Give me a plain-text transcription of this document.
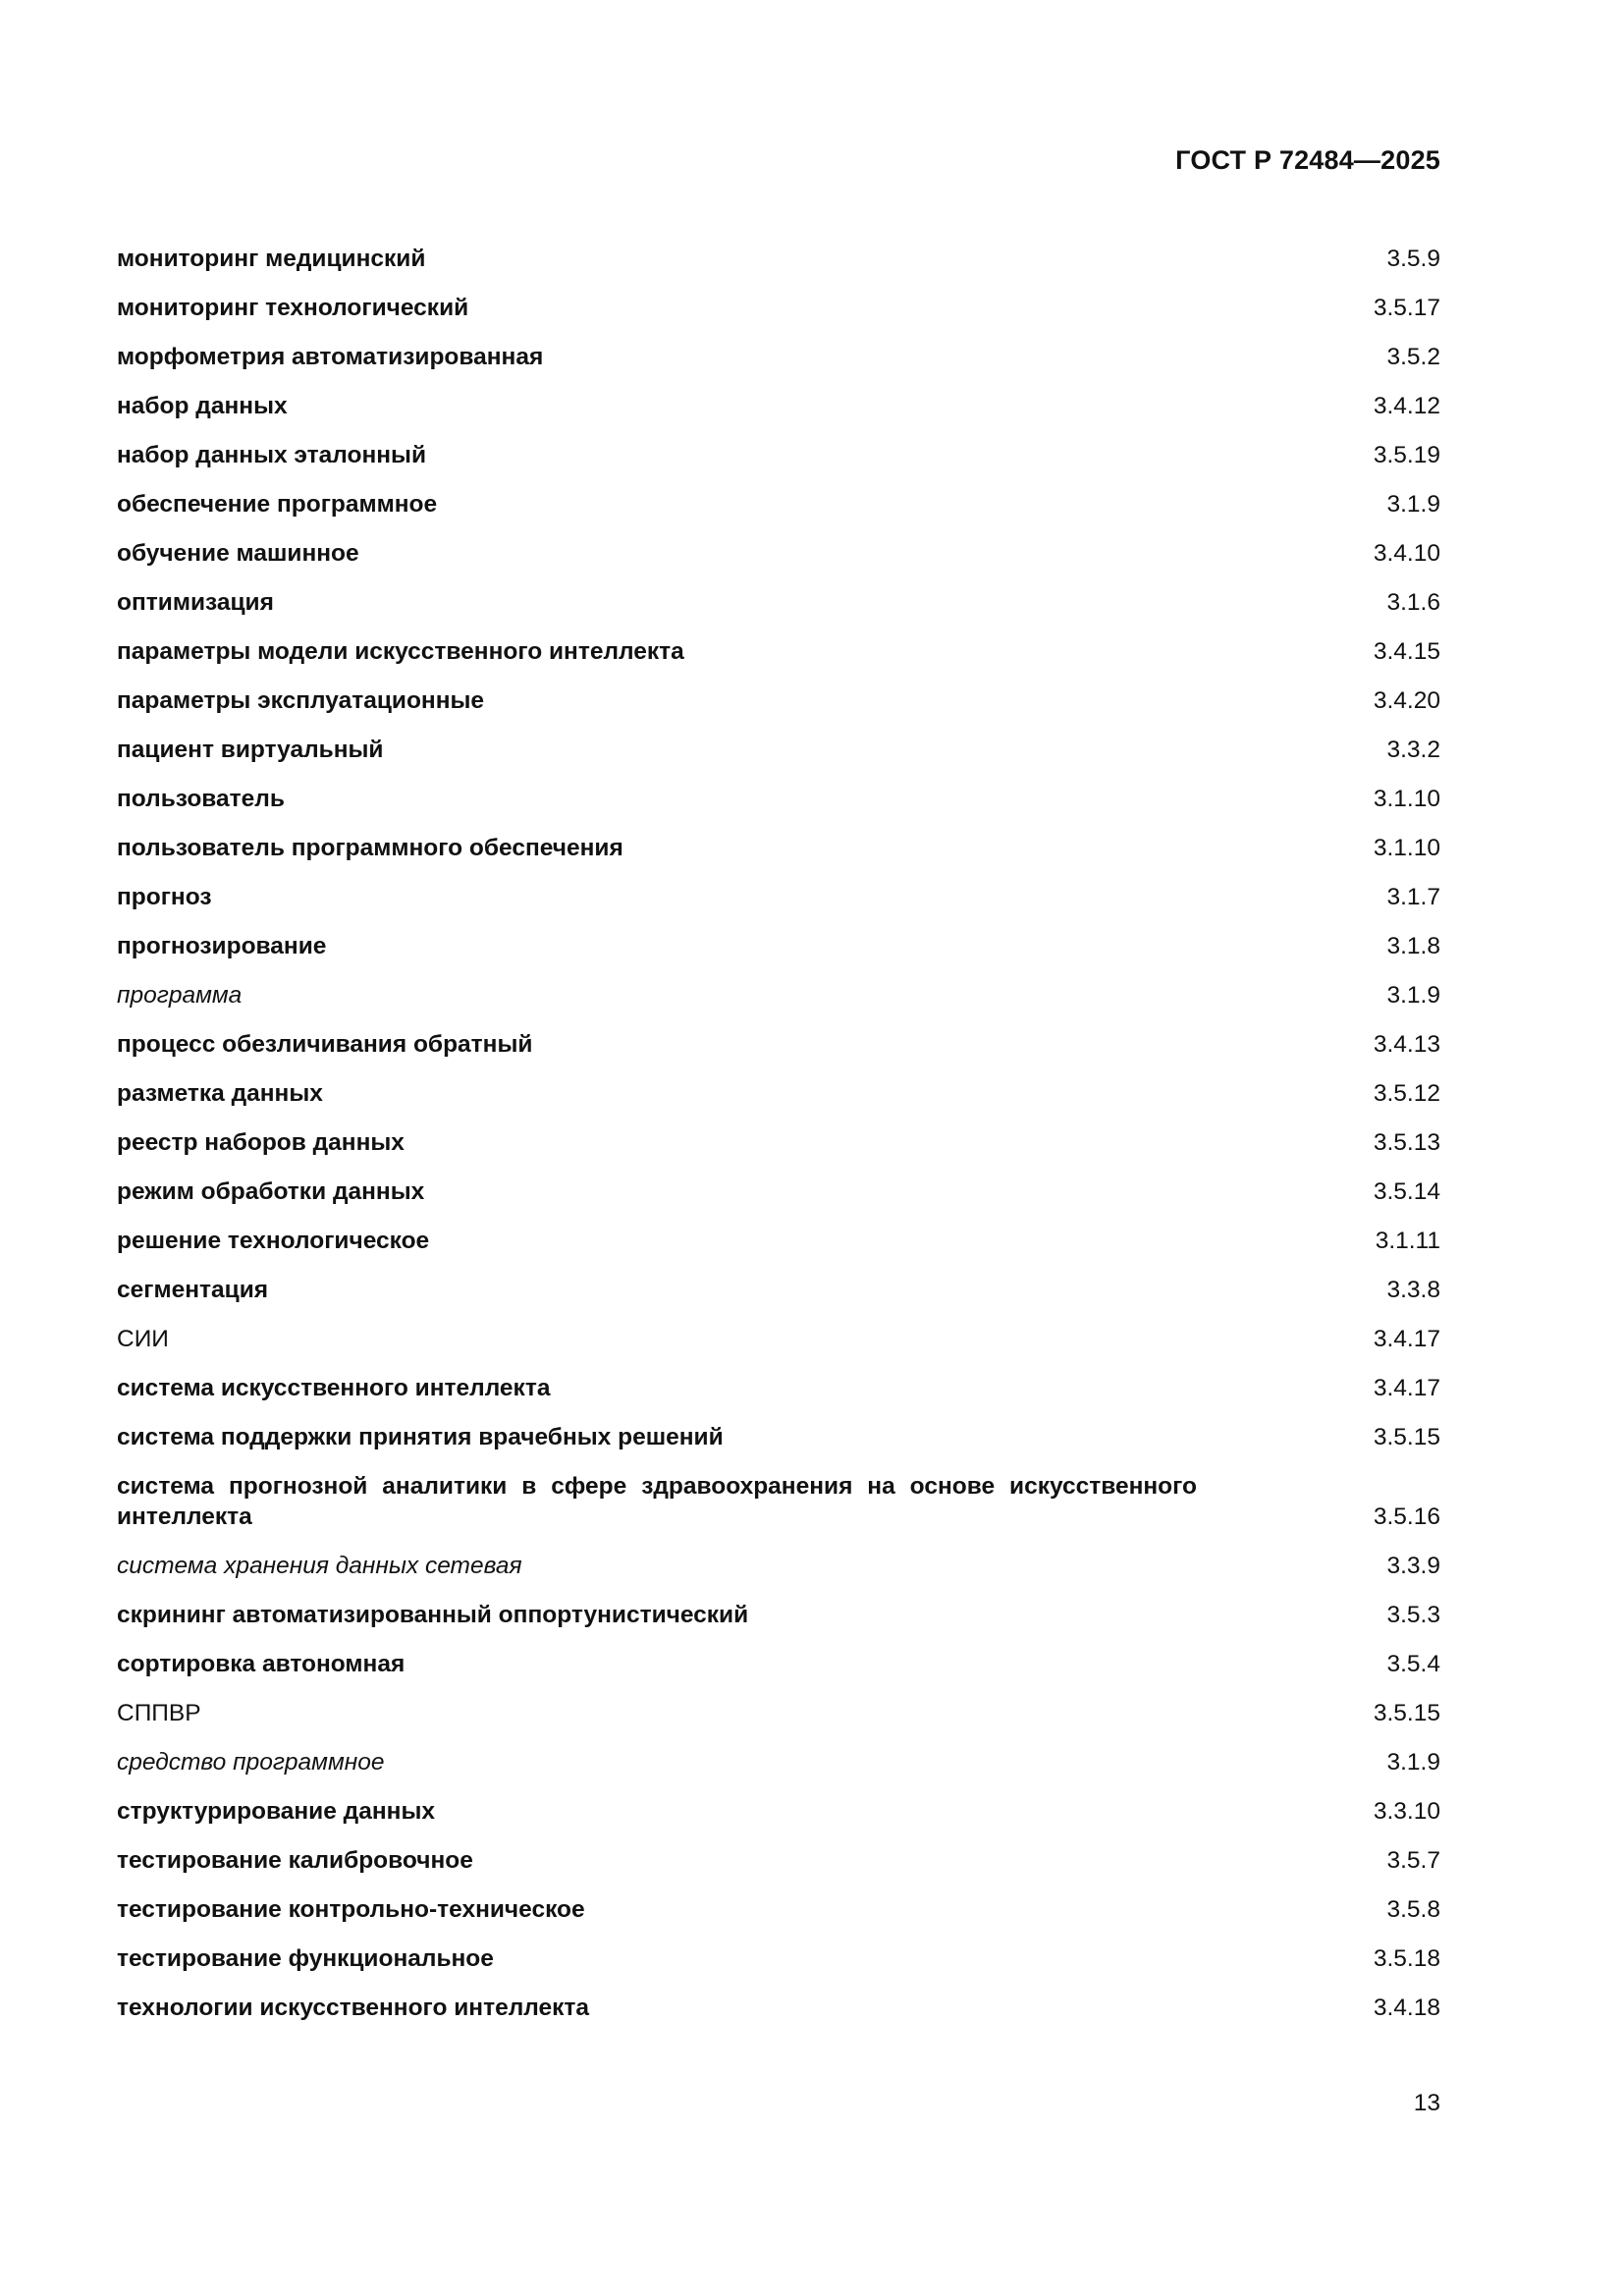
ГОСТ Р 72484—2025
мониторинг медицинский	3.5.9
мониторинг технологический	3.5.17
морфометрия автоматизированная	3.5.2
набор данных	3.4.12
набор данных эталонный	3.5.19
обеспечение программное	3.1.9
обучение машинное	3.4.10
оптимизация	3.1.6
параметры модели искусственного интеллекта	3.4.15
параметры эксплуатационные	3.4.20
пациент виртуальный	3.3.2
пользователь	3.1.10
пользователь программного обеспечения	3.1.10
прогноз	3.1.7
прогнозирование	3.1.8
программа	3.1.9
процесс обезличивания обратный	3.4.13
разметка данных	3.5.12
реестр наборов данных	3.5.13
режим обработки данных	3.5.14
решение технологическое	3.1.11
сегментация	3.3.8
СИИ	3.4.17
система искусственного интеллекта	3.4.17
система поддержки принятия врачебных решений	3.5.15
система прогнозной аналитики в сфере здравоохранения на основе искусственного интеллекта	3.5.16
система хранения данных сетевая	3.3.9
скрининг автоматизированный оппортунистический	3.5.3
сортировка автономная	3.5.4
СППВР	3.5.15
средство программное	3.1.9
структурирование данных	3.3.10
тестирование калибровочное	3.5.7
тестирование контрольно-техническое	3.5.8
тестирование функциональное	3.5.18
технологии искусственного интеллекта	3.4.18
13
